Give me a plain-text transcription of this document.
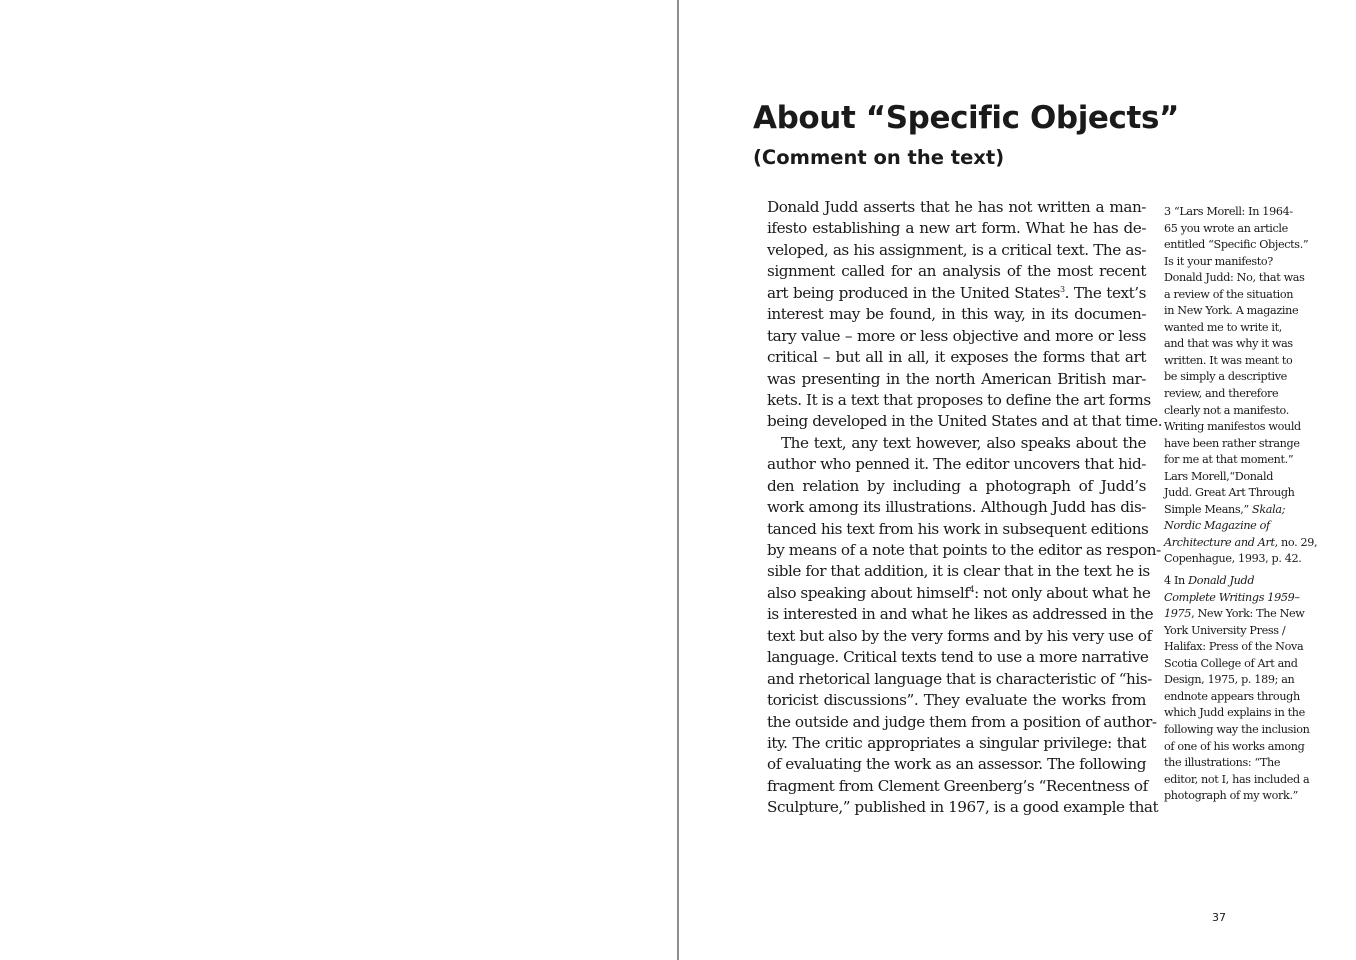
About “Specific Objects”
(Comment on the text)
Donald Judd asserts that he has not written a man-
ifesto establishing a new art form. What he has de-
veloped, as his assignment, is a critical text. The as-
signment called for an analysis of the most recent
art being produced in the United States$^3$. The text’s
interest may be found, in this way, in its documen-
tary value – more or less objective and more or less
critical – but all in all, it exposes the forms that art
was presenting in the north American British mar-
kets. It is a text that proposes to define the art forms
being developed in the United States and at that time.
The text, any text however, also speaks about the
author who penned it. The editor uncovers that hid-
den relation by including a photograph of Judd’s
work among its illustrations. Although Judd has dis-
tanced his text from his work in subsequent editions
by means of a note that points to the editor as respon-
sible for that addition, it is clear that in the text he is
also speaking about himself$^4$: not only about what he
is interested in and what he likes as addressed in the
text but also by the very forms and by his very use of
language. Critical texts tend to use a more narrative
and rhetorical language that is characteristic of “his-
toricist discussions”. They evaluate the works from
the outside and judge them from a position of author-
ity. The critic appropriates a singular privilege: that
of evaluating the work as an assessor. The following
fragment from Clement Greenberg’s “Recentness of
Sculpture,” published in 1967, is a good example that
3 “Lars Morell: In 1964-
65 you wrote an article
entitled “Specific Objects.”
Is it your manifesto?
Donald Judd: No, that was
a review of the situation
in New York. A magazine
wanted me to write it,
and that was why it was
written. It was meant to
be simply a descriptive
review, and therefore
clearly not a manifesto.
Writing manifestos would
have been rather strange
for me at that moment.”
Lars Morell,“Donald
Judd. Great Art Through
Simple Means,” Skala;
Nordic Magazine of
Architecture and Art, no. 29,
Copenhague, 1993, p. 42.
4 In Donald Judd
Complete Writings 1959–
1975, New York: The New
York University Press /
Halifax: Press of the Nova
Scotia College of Art and
Design, 1975, p. 189; an
endnote appears through
which Judd explains in the
following way the inclusion
of one of his works among
the illustrations: “The
editor, not I, has included a
photograph of my work.”
37
